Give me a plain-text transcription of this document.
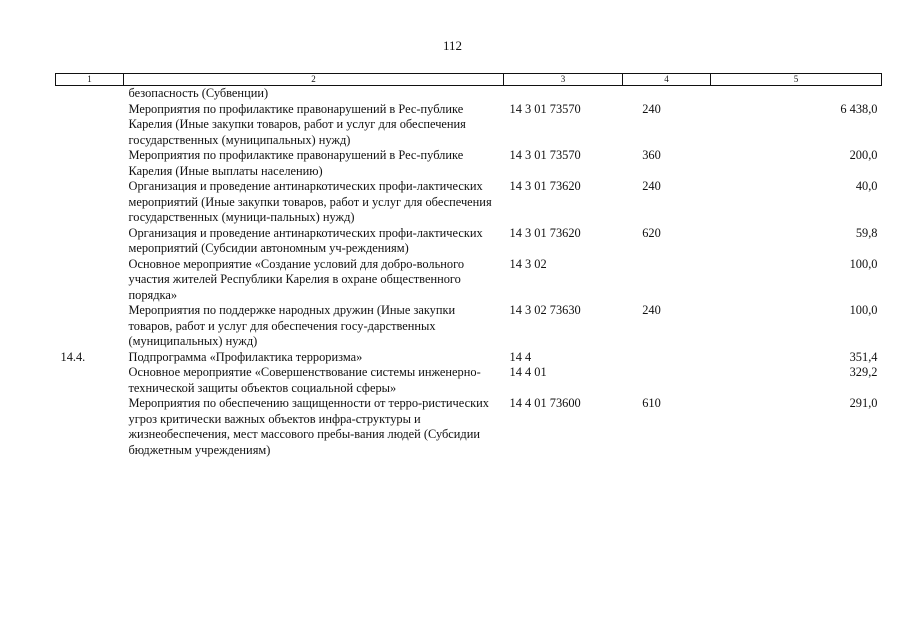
112
1	2	3	4	5
	безопасность (Субвенции)			
	Мероприятия по профилактике правонарушений в Рес-публике Карелия (Иные закупки товаров, работ и услуг для обеспечения государственных (муниципальных) нужд)	14 3 01 73570	240	6 438,0
	Мероприятия по профилактике правонарушений в Рес-публике Карелия (Иные выплаты населению)	14 3 01 73570	360	200,0
	Организация и проведение антинаркотических профи-лактических мероприятий (Иные закупки товаров, работ и услуг для обеспечения государственных (муници-пальных) нужд)	14 3 01 73620	240	40,0
	Организация и проведение антинаркотических профи-лактических мероприятий (Субсидии автономным уч-реждениям)	14 3 01 73620	620	59,8
	Основное мероприятие «Создание условий для добро-вольного участия жителей Республики Карелия в охране общественного порядка»	14 3 02		100,0
	Мероприятия по поддержке народных дружин (Иные закупки товаров, работ и услуг для обеспечения госу-дарственных (муниципальных) нужд)	14 3 02 73630	240	100,0
14.4.	Подпрограмма «Профилактика терроризма»	14 4		351,4
	Основное мероприятие «Совершенствование системы инженерно-технической защиты объектов социальной сферы»	14 4 01		329,2
	Мероприятия по обеспечению защищенности от терро-ристических угроз критически важных объектов инфра-структуры и жизнеобеспечения, мест массового пребы-вания людей (Субсидии бюджетным учреждениям)	14 4 01 73600	610	291,0
